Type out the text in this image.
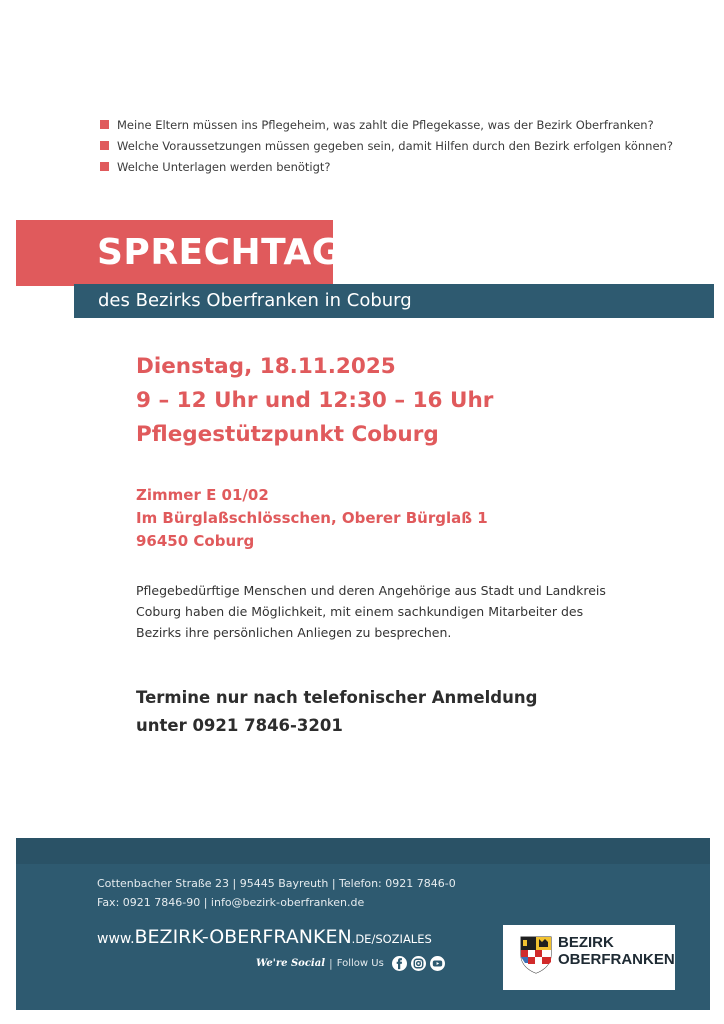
Meine Eltern müssen ins Pflegeheim, was zahlt die Pflegekasse, was der Bezirk Oberfranken?
Welche Voraussetzungen müssen gegeben sein, damit Hilfen durch den Bezirk erfolgen können?
Welche Unterlagen werden benötigt?
SPRECHTAG
des Bezirks Oberfranken in Coburg
Dienstag, 18.11.2025
9 – 12 Uhr und 12:30 – 16 Uhr
Pflegestützpunkt Coburg
Zimmer E 01/02
Im Bürglaßschlösschen, Oberer Bürglaß 1
96450 Coburg
Pflegebedürftige Menschen und deren Angehörige aus Stadt und Landkreis
Coburg haben die Möglichkeit, mit einem sachkundigen Mitarbeiter des
Bezirks ihre persönlichen Anliegen zu besprechen.
Termine nur nach telefonischer Anmeldung
unter 0921 7846-3201
Cottenbacher Straße 23 | 95445 Bayreuth | Telefon: 0921 7846-0
Fax: 0921 7846-90 | info@bezirk-oberfranken.de
www.BEZIRK-OBERFRANKEN.DE/SOZIALES
We're Social | Follow Us
BEZIRK
OBERFRANKEN
